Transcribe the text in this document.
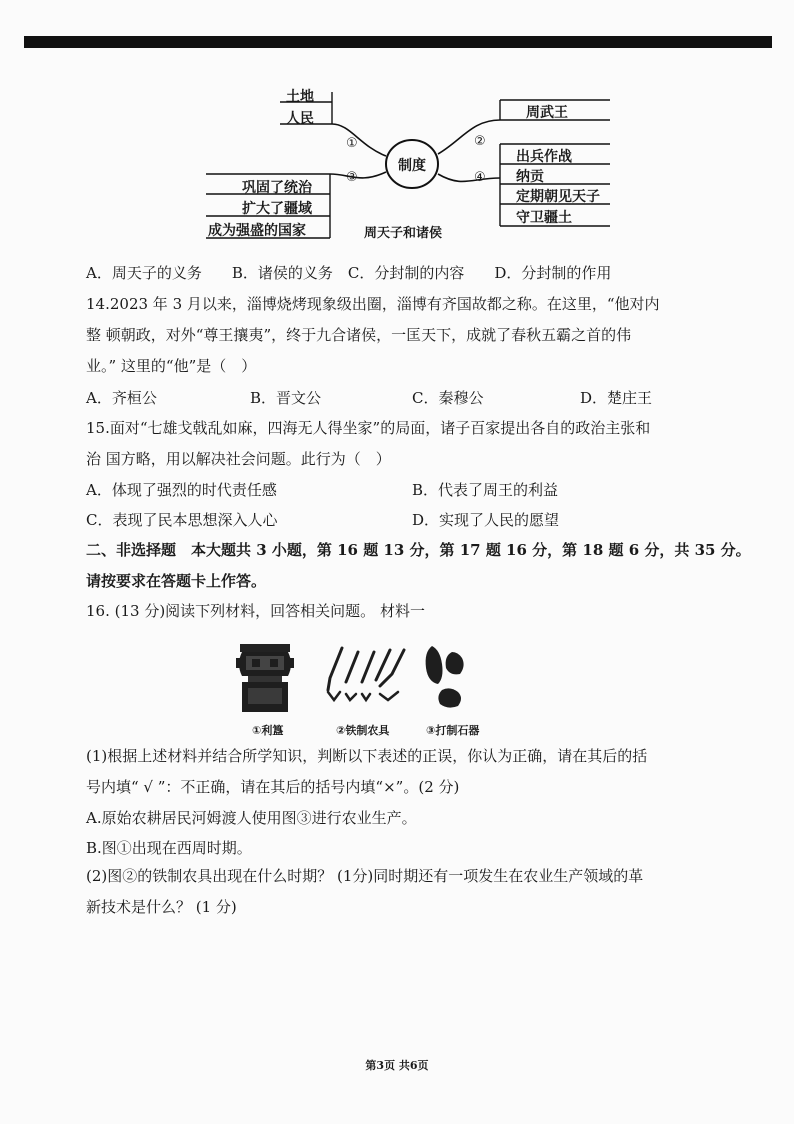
制度
土地
人民
巩固了统治
扩大了疆域
成为强盛的国家
周武王
出兵作战
纳贡
定期朝见天子
守卫疆土
①	②
③	④
周天子和诸侯
A．周天子的义务　　B．诸侯的义务　C．分封制的内容　　D．分封制的作用
14.2023 年 3 月以来，淄博烧烤现象级出圈，淄博有齐国故都之称。在这里，“他对内
整 顿朝政，对外“尊王攘夷”，终于九合诸侯，一匡天下，成就了春秋五霸之首的伟
业。” 这里的“他”是（　）
A．齐桓公	B．晋文公	C．秦穆公	D．楚庄王
15.面对“七雄戈戟乱如麻，四海无人得坐家”的局面，诸子百家提出各自的政治主张和
治 国方略，用以解决社会问题。此行为（　）
A．体现了强烈的时代责任感	B．代表了周王的利益
C．表现了民本思想深入人心	D．实现了人民的愿望
二、非选择题　本大题共 3 小题，第 16 题 13 分，第 17 题 16 分，第 18 题 6 分，共 35 分。
请按要求在答题卡上作答。
16. (13 分)阅读下列材料，回答相关问题。 材料一
①利簋	②铁制农具	③打制石器
(1)根据上述材料并结合所学知识，判断以下表述的正误，你认为正确，请在其后的括
号内填“ √ ”：不正确，请在其后的括号内填“×”。(2 分)
A.原始农耕居民河姆渡人使用图③进行农业生产。
B.图①出现在西周时期。
(2)图②的铁制农具出现在什么时期？ (1分)同时期还有一项发生在农业生产领域的革
新技术是什么？ (1 分)
第3页 共6页
